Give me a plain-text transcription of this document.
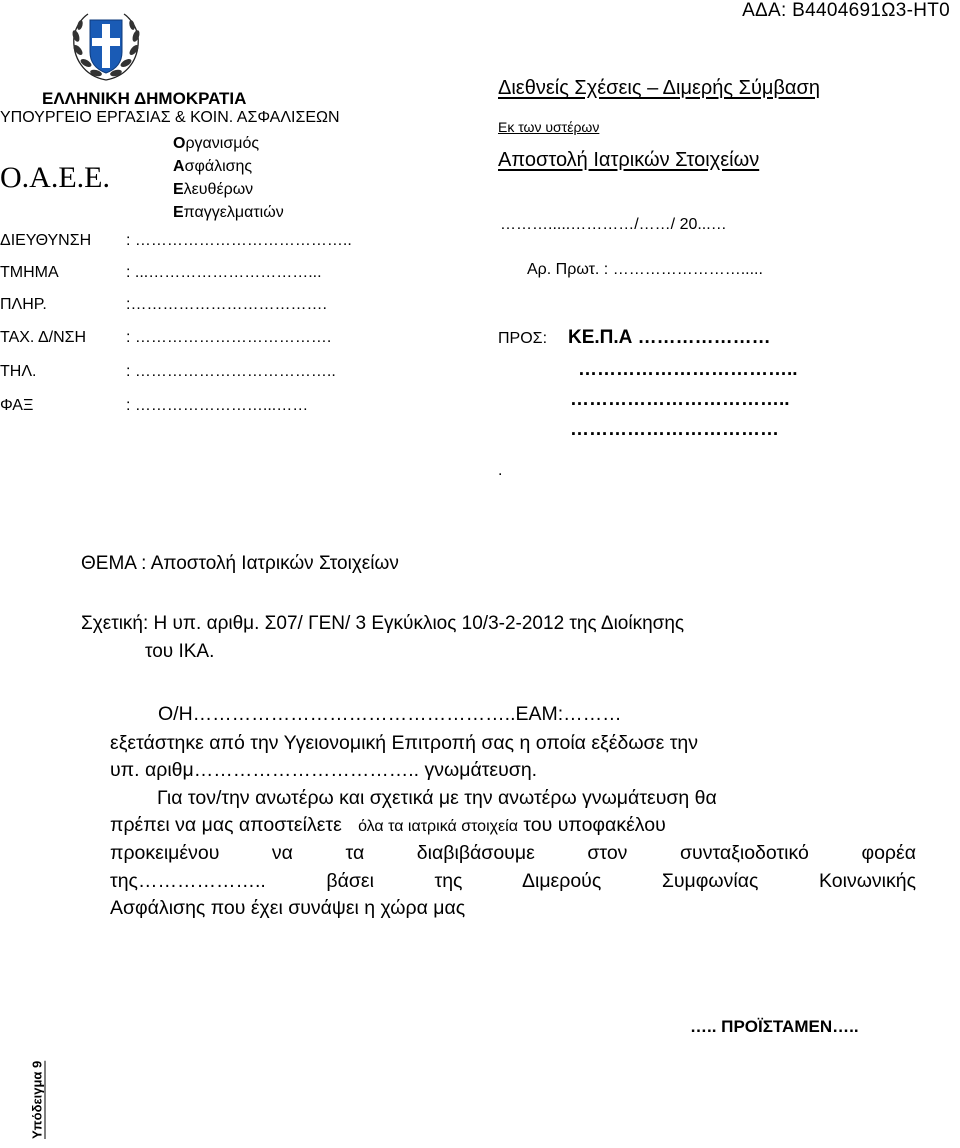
ΑΔΑ: Β4404691Ω3-ΗΤ0
ΕΛΛΗΝΙΚΗ ΔΗΜΟΚΡΑΤΙΑ
ΥΠΟΥΡΓΕΙΟ ΕΡΓΑΣΙΑΣ & ΚΟΙΝ. ΑΣΦΑΛΙΣΕΩΝ
Ο.Α.Ε.Ε.
Οργανισμός
Ασφάλισης
Ελευθέρων
Επαγγελματιών
ΔΙΕΥΘΥΝΣΗ : …………………………………..
ΤΜΗΜΑ	: ...…………………………...
ΠΛΗΡ.	:……………………………….
ΤΑΧ. Δ/ΝΣΗ : ……………………………….
ΤΗΛ.	: ………………………………..
ΦΑΞ	: ……………………...……
Διεθνείς Σχέσεις – Διμερής Σύμβαση
Εκ των υστέρων
Αποστολή Ιατρικών Στοιχείων
……….....…………/……/ 20...…
Αρ. Πρωτ. : …………………….....
ΠΡΟΣ: ΚΕ.Π.Α …………………
……………………………..
……………………………..
……………………………
.
ΘΕΜΑ : Αποστολή Ιατρικών Στοιχείων
Σχετική: Η υπ. αριθμ. Σ07/ ΓΕΝ/ 3 Εγκύκλιος 10/3-2-2012 της Διοίκησης
του ΙΚΑ.
Ο/Η…………………………………………..ΕΑΜ:………
εξετάστηκε από την Υγειονομική Επιτροπή σας η οποία εξέδωσε την
υπ. αριθμ…………………………….. γνωμάτευση.
Για τον/την ανωτέρω και σχετικά με την ανωτέρω γνωμάτευση θα
πρέπει να μας αποστείλετε όλα τα ιατρικά στοιχεία του υποφακέλου
προκειμένου να τα διαβιβάσουμε στον συνταξιοδοτικό φορέα
της……………….. βάσει της Διμερούς Συμφωνίας Κοινωνικής
Ασφάλισης που έχει συνάψει η χώρα μας
….. ΠΡΟΪΣΤΑΜΕΝ…..
Υπόδειγμα 9
